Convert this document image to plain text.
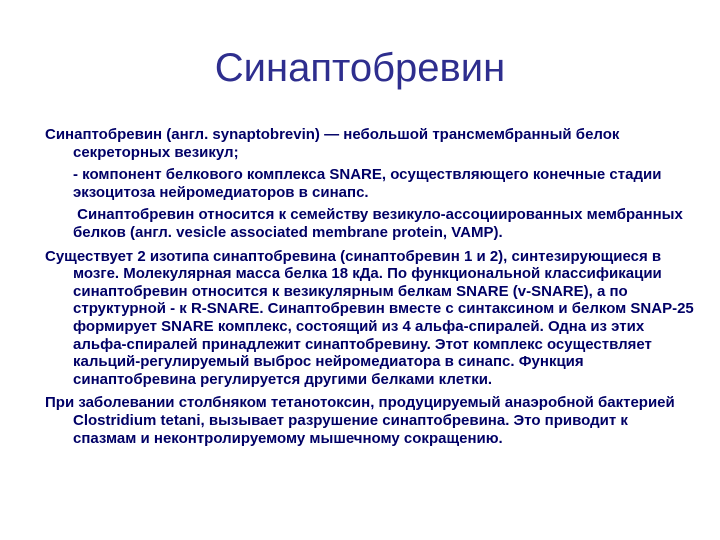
Синаптобревин

Синаптобревин (англ. synaptobrevin) — небольшой трансмембранный белок секреторных везикул;

- компонент белкового комплекса SNARE, осуществляющего конечные стадии экзоцитоза нейромедиаторов в синапс.

Синаптобревин относится к семейству везикуло-ассоциированных мембранных белков (англ. vesicle associated membrane protein, VAMP).

Существует 2 изотипа синаптобревина (синаптобревин 1 и 2), синтезирующиеся в мозге. Молекулярная масса белка 18 кДа. По функциональной классификации синаптобревин относится к везикулярным белкам SNARE (v-SNARE), а по структурной - к R-SNARE. Синаптобревин вместе с синтаксином и белком SNAP-25 формирует SNARE комплекс, состоящий из 4 альфа-спиралей. Одна из этих альфа-спиралей принадлежит синаптобревину. Этот комплекс осуществляет кальций-регулируемый выброс нейромедиатора в синапс. Функция синаптобревина регулируется другими белками клетки.

При заболевании столбняком тетанотоксин, продуцируемый анаэробной бактерией Clostridium tetani, вызывает разрушение синаптобревина. Это приводит к спазмам и неконтролируемому мышечному сокращению.
